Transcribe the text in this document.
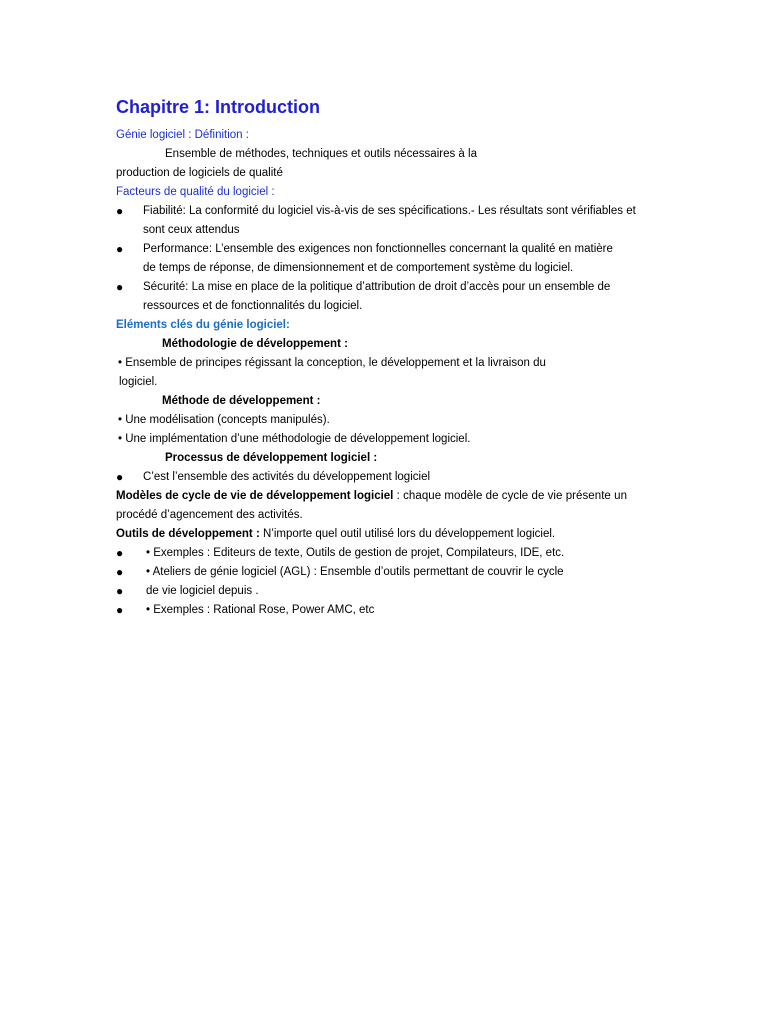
Chapitre 1: Introduction

Génie logiciel : Définition :

Ensemble de méthodes, techniques et outils nécessaires à la

production de logiciels de qualité

Facteurs de qualité du logiciel :

● Fiabilité: La conformité du logiciel vis-à-vis de ses spécifications.- Les résultats sont vérifiables et

sont ceux attendus

● Performance: L’ensemble des exigences non fonctionnelles concernant la qualité en matière

de temps de réponse, de dimensionnement et de comportement système du logiciel.

● Sécurité: La mise en place de la politique d’attribution de droit d’accès pour un ensemble de

ressources et de fonctionnalités du logiciel.

Eléments clés du génie logiciel:

Méthodologie de développement :

• Ensemble de principes régissant la conception, le développement et la livraison du

logiciel.

Méthode de développement :

• Une modélisation (concepts manipulés).

• Une implémentation d’une méthodologie de développement logiciel.

Processus de développement logiciel :

● C’est l’ensemble des activités du développement logiciel

Modèles de cycle de vie de développement logiciel : chaque modèle de cycle de vie présente un

procédé d’agencement des activités.

Outils de développement : N’importe quel outil utilisé lors du développement logiciel.

● • Exemples : Editeurs de texte, Outils de gestion de projet, Compilateurs, IDE, etc.

● • Ateliers de génie logiciel (AGL) : Ensemble d’outils permettant de couvrir le cycle

● de vie logiciel depuis .

● • Exemples : Rational Rose, Power AMC, etc
